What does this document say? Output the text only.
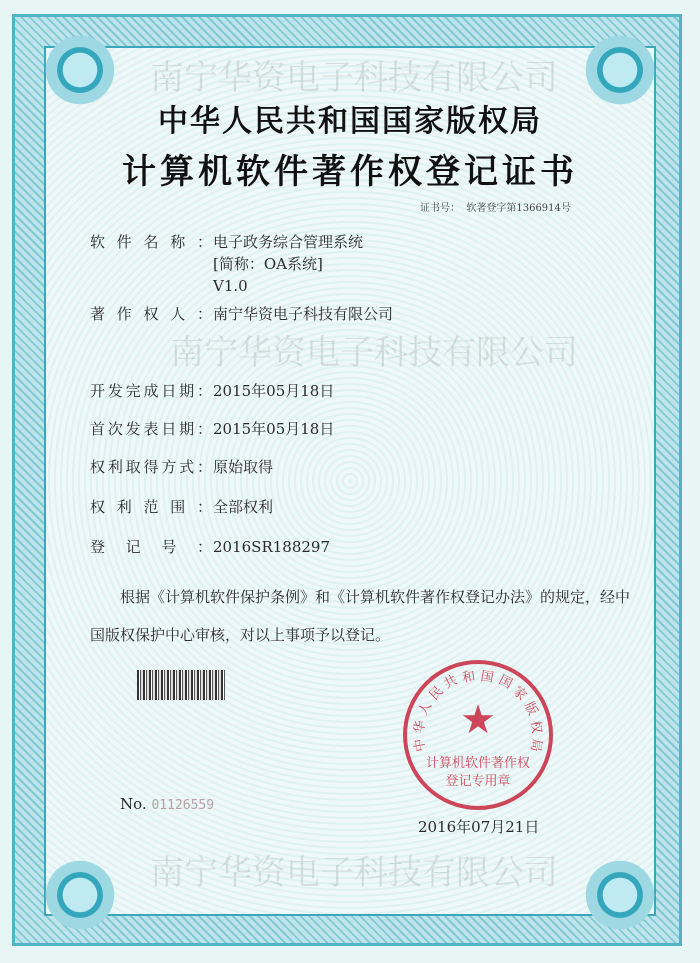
南宁华资电子科技有限公司
南宁华资电子科技有限公司
南宁华资电子科技有限公司
中华人民共和国国家版权局
计算机软件著作权登记证书
证书号： 软著登字第1366914号
软件名称： 电子政务综合管理系统
[简称：OA系统]
V1.0
著作权人： 南宁华资电子科技有限公司
开发完成日期： 2015年05月18日
首次发表日期： 2015年05月18日
权利取得方式： 原始取得
权利范围： 全部权利
登记号： 2016SR188297
根据《计算机软件保护条例》和《计算机软件著作权登记办法》的规定，经中国版权保护中心审核，对以上事项予以登记。
★
计算机软件著作权
登记专用章
中
华
人
民
共 和 国 国
家
版
权
局
No. 01126559
2016年07月21日
